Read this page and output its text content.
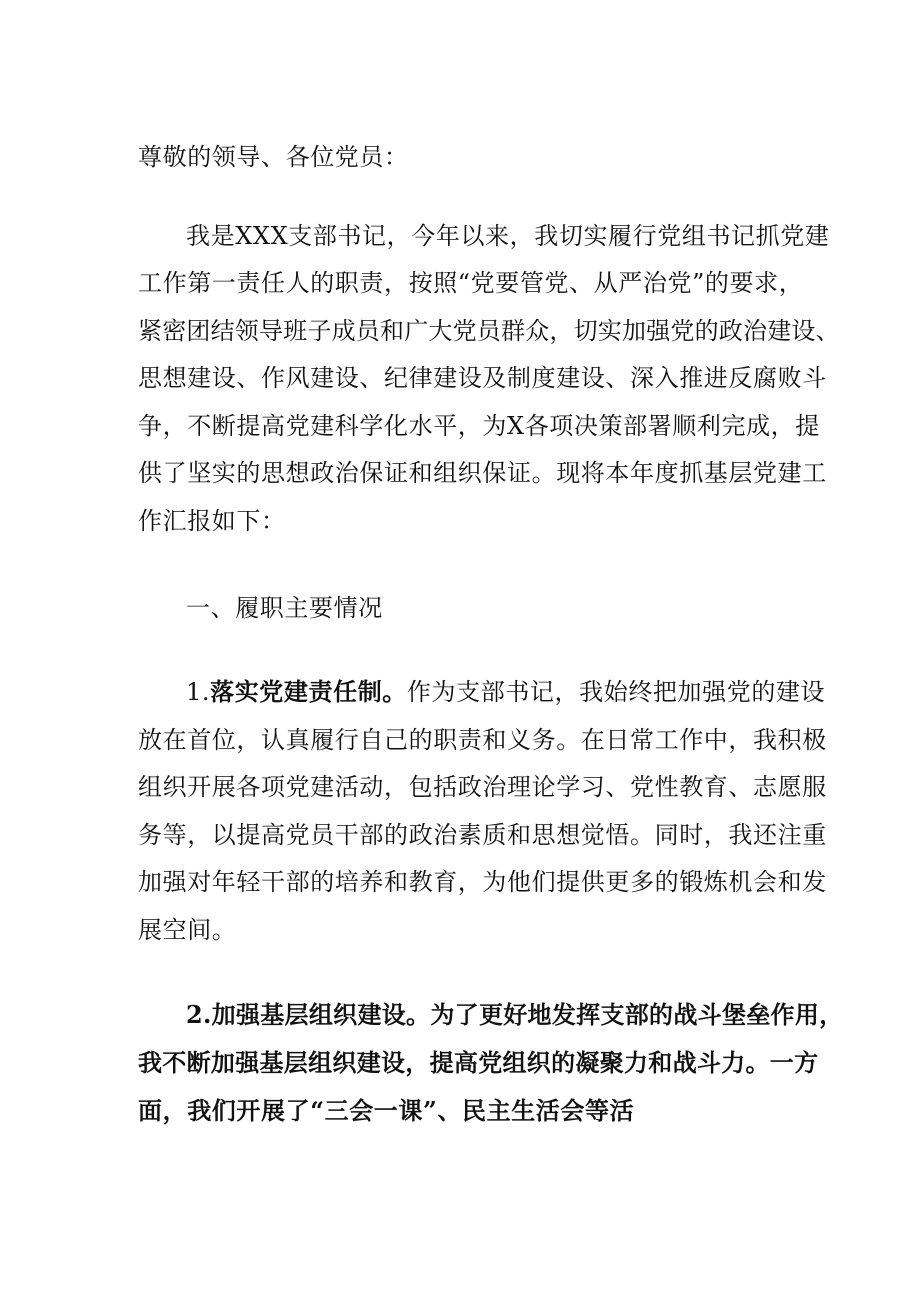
尊敬的领导、各位党员：
我是XXX支部书记，今年以来，我切实履行党组书记抓党建
工作第一责任人的职责，按照“党要管党、从严治党”的要求，
紧密团结领导班子成员和广大党员群众，切实加强党的政治建设、
思想建设、作风建设、纪律建设及制度建设、深入推进反腐败斗
争，不断提高党建科学化水平，为X各项决策部署顺利完成，提
供了坚实的思想政治保证和组织保证。现将本年度抓基层党建工
作汇报如下：
一、履职主要情况
1.落实党建责任制。作为支部书记，我始终把加强党的建设
放在首位，认真履行自己的职责和义务。在日常工作中，我积极
组织开展各项党建活动，包括政治理论学习、党性教育、志愿服
务等，以提高党员干部的政治素质和思想觉悟。同时，我还注重
加强对年轻干部的培养和教育，为他们提供更多的锻炼机会和发
展空间。
2.加强基层组织建设。为了更好地发挥支部的战斗堡垒作用，
我不断加强基层组织建设，提高党组织的凝聚力和战斗力。一方
面，我们开展了“三会一课”、民主生活会等活
